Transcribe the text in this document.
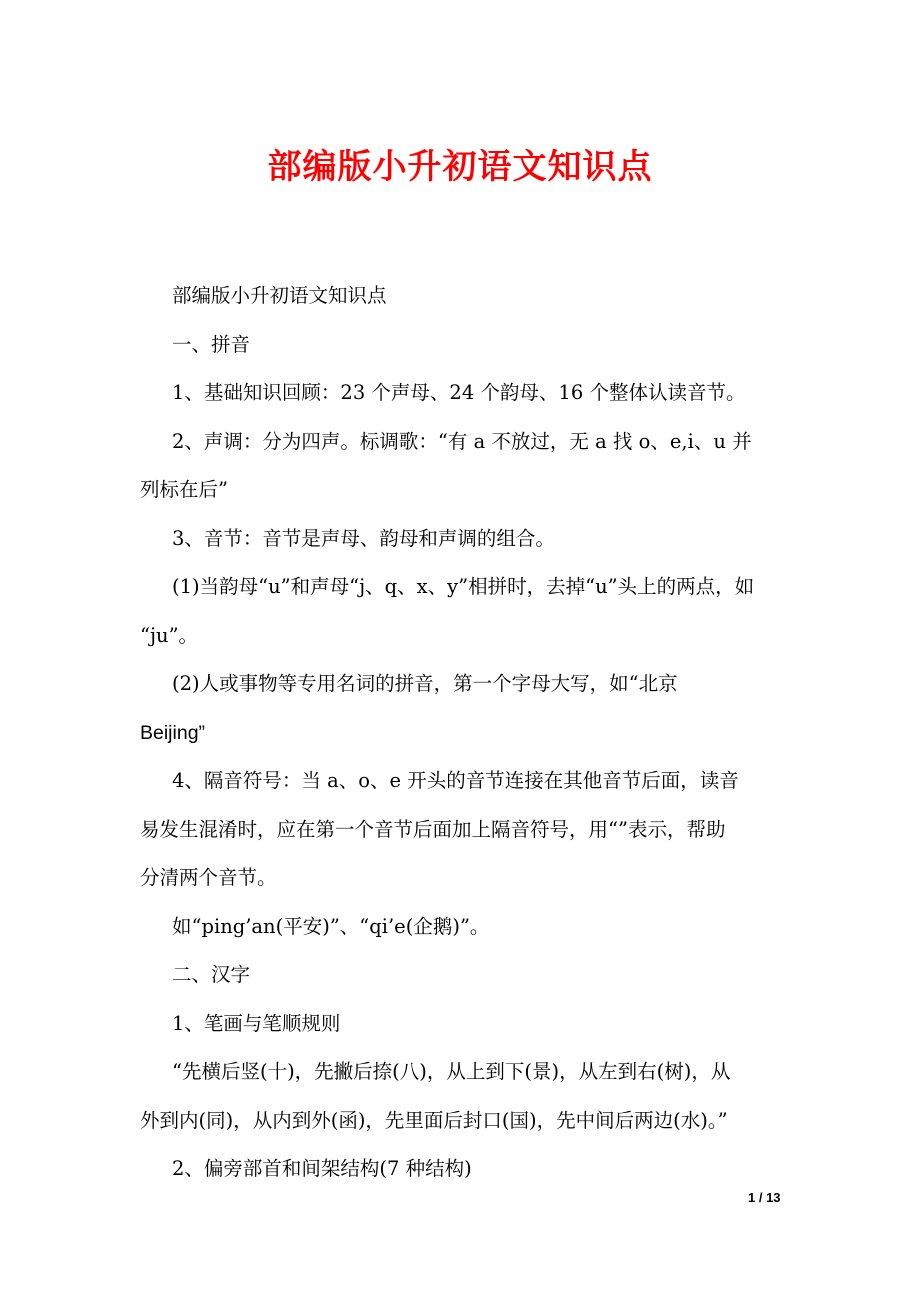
部编版小升初语文知识点
部编版小升初语文知识点
一、拼音
1、基础知识回顾：23 个声母、24 个韵母、16 个整体认读音节。
2、声调：分为四声。标调歌：“有 a 不放过，无 a 找 o、e,i、u 并
列标在后”
3、音节：音节是声母、韵母和声调的组合。
(1)当韵母“u”和声母“j、q、x、y”相拼时，去掉“u”头上的两点，如
“ju”。
(2)人或事物等专用名词的拼音，第一个字母大写，如“北京
Beijing”
4、隔音符号：当 a、o、e 开头的音节连接在其他音节后面，读音
易发生混淆时，应在第一个音节后面加上隔音符号，用“”表示，帮助
分清两个音节。
如“ping’an(平安)”、“qi’e(企鹅)”。
二、汉字
1、笔画与笔顺规则
“先横后竖(十)，先撇后捺(八)，从上到下(景)，从左到右(树)，从
外到内(同)，从内到外(函)，先里面后封口(国)，先中间后两边(水)。”
2、偏旁部首和间架结构(7 种结构)
1 / 13
